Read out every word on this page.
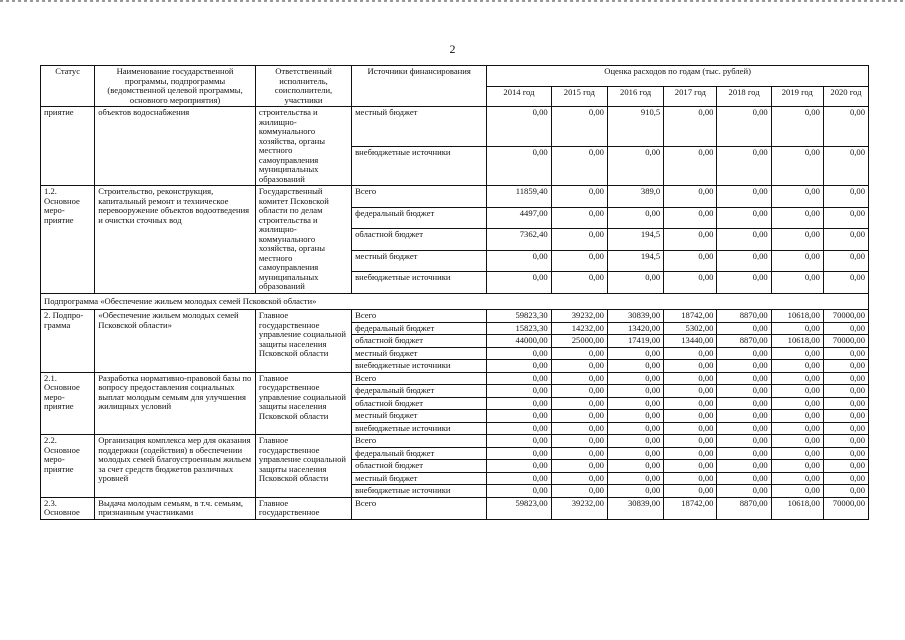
2
Статус	Наименование государственной программы, подпрограммы (ведомственной целевой программы, основного мероприятия)	Ответственный исполнитель, соисполнители, участники	Источники финансирования	Оценка расходов по годам (тыс. рублей)						
				2014 год	2015 год	2016 год	2017 год	2018 год	2019 год	2020 год
приятие	объектов водоснабжения	строительства и жилищно-коммунального хозяйства, органы местного самоуправления муниципальных образований	местный бюджет	0,00	0,00	910,5	0,00	0,00	0,00	0,00
			внебюджетные источники	0,00	0,00	0,00	0,00	0,00	0,00	0,00
1.2. Основное меро-приятие	Строительство, реконструкция, капитальный ремонт и техническое перевооружение объектов водоотведения и очистки сточных вод	Государственный комитет Псковской области по делам строительства и жилищно-коммунального хозяйства, органы местного самоуправления муниципальных образований	Всего	11859,40	0,00	389,0	0,00	0,00	0,00	0,00
			федеральный бюджет	4497,00	0,00	0,00	0,00	0,00	0,00	0,00
			областной бюджет	7362,40	0,00	194,5	0,00	0,00	0,00	0,00
			местный бюджет	0,00	0,00	194,5	0,00	0,00	0,00	0,00
			внебюджетные источники	0,00	0,00	0,00	0,00	0,00	0,00	0,00
Подпрограмма «Обеспечение жильем молодых семей Псковской области»										
2. Подпро-грамма	«Обеспечение жильем молодых семей Псковской области»	Главное государственное управление социальной защиты населения Псковской области	Всего	59823,30	39232,00	30839,00	18742,00	8870,00	10618,00	70000,00
			федеральный бюджет	15823,30	14232,00	13420,00	5302,00	0,00	0,00	0,00
			областной бюджет	44000,00	25000,00	17419,00	13440,00	8870,00	10618,00	70000,00
			местный бюджет	0,00	0,00	0,00	0,00	0,00	0,00	0,00
			внебюджетные источники	0,00	0,00	0,00	0,00	0,00	0,00	0,00
2.1. Основное меро-приятие	Разработка нормативно-правовой базы по вопросу предоставления социальных выплат молодым семьям для улучшения жилищных условий	Главное государственное управление социальной защиты населения Псковской области	Всего	0,00	0,00	0,00	0,00	0,00	0,00	0,00
			федеральный бюджет	0,00	0,00	0,00	0,00	0,00	0,00	0,00
			областной бюджет	0,00	0,00	0,00	0,00	0,00	0,00	0,00
			местный бюджет	0,00	0,00	0,00	0,00	0,00	0,00	0,00
			внебюджетные источники	0,00	0,00	0,00	0,00	0,00	0,00	0,00
2.2. Основное меро-приятие	Организация комплекса мер для оказания поддержки (содействия) в обеспечении молодых семей благоустроенным жильем за счет средств бюджетов различных уровней	Главное государственное управление социальной защиты населения Псковской области	Всего	0,00	0,00	0,00	0,00	0,00	0,00	0,00
			федеральный бюджет	0,00	0,00	0,00	0,00	0,00	0,00	0,00
			областной бюджет	0,00	0,00	0,00	0,00	0,00	0,00	0,00
			местный бюджет	0,00	0,00	0,00	0,00	0,00	0,00	0,00
			внебюджетные источники	0,00	0,00	0,00	0,00	0,00	0,00	0,00
2.3. Основное	Выдача молодым семьям, в т.ч. семьям, признанным участниками	Главное государственное	Всего	59823,00	39232,00	30839,00	18742,00	8870,00	10618,00	70000,00
